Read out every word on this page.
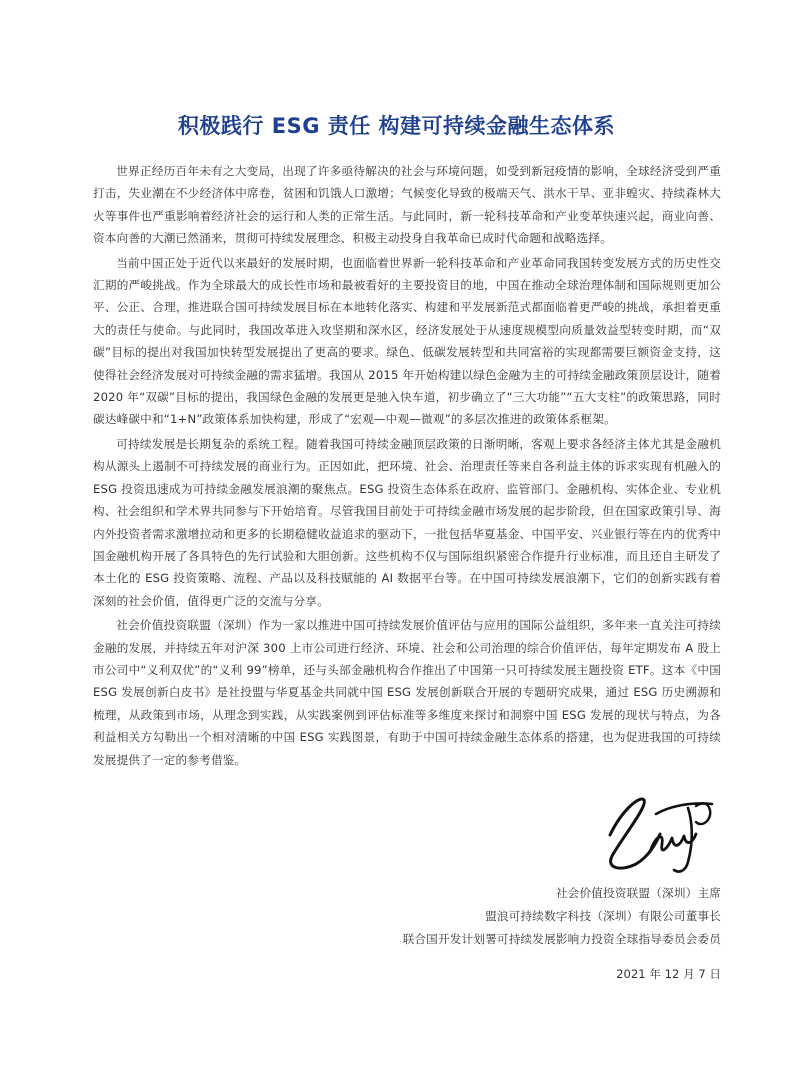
积极践行 ESG 责任 构建可持续金融生态体系

世界正经历百年未有之大变局，出现了许多亟待解决的社会与环境问题，如受到新冠疫情的影响，全球经济受到严重打击，失业潮在不少经济体中席卷，贫困和饥饿人口激增；气候变化导致的极端天气、洪水干旱、亚非蝗灾、持续森林大火等事件也严重影响着经济社会的运行和人类的正常生活。与此同时，新一轮科技革命和产业变革快速兴起，商业向善、资本向善的大潮已然涌来，贯彻可持续发展理念、积极主动投身自我革命已成时代命题和战略选择。

当前中国正处于近代以来最好的发展时期，也面临着世界新一轮科技革命和产业革命同我国转变发展方式的历史性交汇期的严峻挑战。作为全球最大的成长性市场和最被看好的主要投资目的地，中国在推动全球治理体制和国际规则更加公平、公正、合理，推进联合国可持续发展目标在本地转化落实、构建和平发展新范式都面临着更严峻的挑战，承担着更重大的责任与使命。与此同时，我国改革进入攻坚期和深水区，经济发展处于从速度规模型向质量效益型转变时期，而“双碳”目标的提出对我国加快转型发展提出了更高的要求。绿色、低碳发展转型和共同富裕的实现都需要巨额资金支持，这使得社会经济发展对可持续金融的需求猛增。我国从 2015 年开始构建以绿色金融为主的可持续金融政策顶层设计，随着 2020 年“双碳”目标的提出，我国绿色金融的发展更是驰入快车道，初步确立了“三大功能”“五大支柱”的政策思路，同时碳达峰碳中和“1+N”政策体系加快构建，形成了“宏观—中观—微观”的多层次推进的政策体系框架。

可持续发展是长期复杂的系统工程。随着我国可持续金融顶层政策的日渐明晰，客观上要求各经济主体尤其是金融机构从源头上遏制不可持续发展的商业行为。正因如此，把环境、社会、治理责任等来自各利益主体的诉求实现有机融入的 ESG 投资迅速成为可持续金融发展浪潮的聚焦点。ESG 投资生态体系在政府、监管部门、金融机构、实体企业、专业机构、社会组织和学术界共同参与下开始培育。尽管我国目前处于可持续金融市场发展的起步阶段，但在国家政策引导、海内外投资者需求激增拉动和更多的长期稳健收益追求的驱动下，一批包括华夏基金、中国平安、兴业银行等在内的优秀中国金融机构开展了各具特色的先行试验和大胆创新。这些机构不仅与国际组织紧密合作提升行业标准，而且还自主研发了本土化的 ESG 投资策略、流程、产品以及科技赋能的 AI 数据平台等。在中国可持续发展浪潮下，它们的创新实践有着深刻的社会价值，值得更广泛的交流与分享。

社会价值投资联盟（深圳）作为一家以推进中国可持续发展价值评估与应用的国际公益组织，多年来一直关注可持续金融的发展，并持续五年对沪深 300 上市公司进行经济、环境、社会和公司治理的综合价值评估，每年定期发布 A 股上市公司中“义利双优”的“义利 99”榜单，还与头部金融机构合作推出了中国第一只可持续发展主题投资 ETF。这本《中国 ESG 发展创新白皮书》是社投盟与华夏基金共同就中国 ESG 发展创新联合开展的专题研究成果，通过 ESG 历史溯源和梳理，从政策到市场，从理念到实践，从实践案例到评估标准等多维度来探讨和洞察中国 ESG 发展的现状与特点，为各利益相关方勾勒出一个相对清晰的中国 ESG 实践图景，有助于中国可持续金融生态体系的搭建，也为促进我国的可持续发展提供了一定的参考借鉴。

社会价值投资联盟（深圳）主席

盟浪可持续数字科技（深圳）有限公司董事长

联合国开发计划署可持续发展影响力投资全球指导委员会委员

2021 年 12 月 7 日
